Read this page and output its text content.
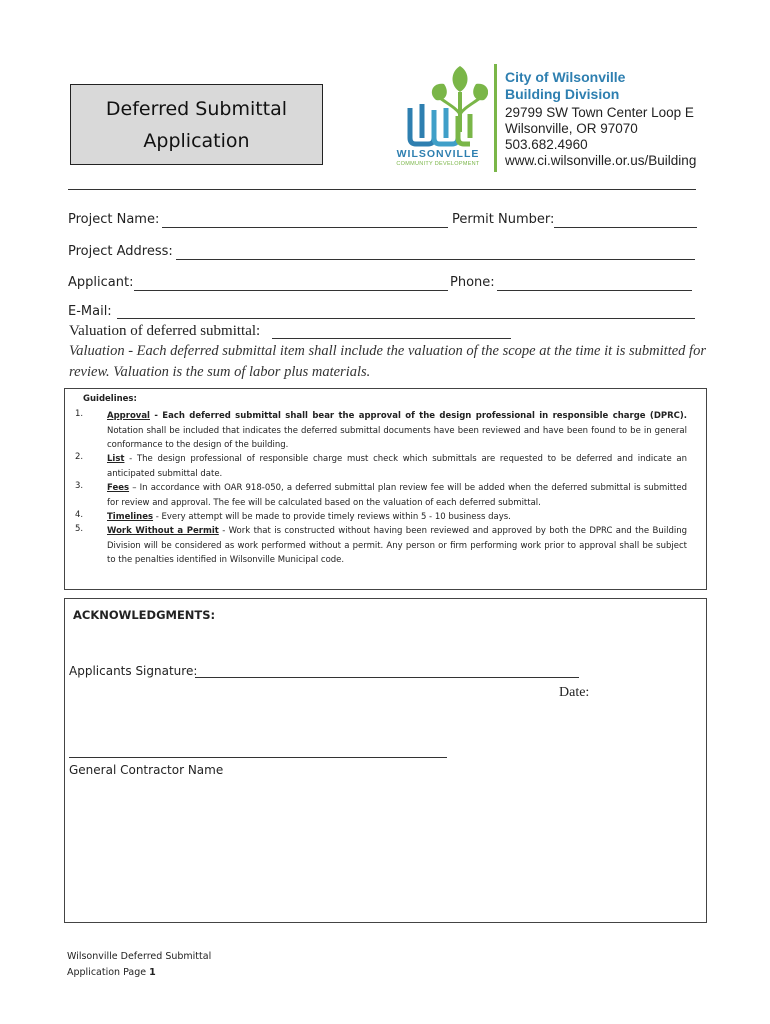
Deferred Submittal
Application
WILSONVILLE
COMMUNITY DEVELOPMENT
City of Wilsonville
Building Division
29799 SW Town Center Loop E
Wilsonville, OR 97070
503.682.4960
www.ci.wilsonville.or.us/Building
Project Name:	Permit Number:
Project Address:
Applicant:	Phone:
E-Mail:
Valuation of deferred submittal:
Valuation - Each deferred submittal item shall include the valuation of the scope at the time it is submitted for review. Valuation is the sum of labor plus materials.
Guidelines:
1.	Approval - Each deferred submittal shall bear the approval of the design professional in responsible charge (DPRC). Notation shall be included that indicates the deferred submittal documents have been reviewed and have been found to be in general conformance to the design of the building.
2.	List - The design professional of responsible charge must check which submittals are requested to be deferred and indicate an anticipated submittal date.
3.	Fees – In accordance with OAR 918-050, a deferred submittal plan review fee will be added when the deferred submittal is submitted for review and approval. The fee will be calculated based on the valuation of each deferred submittal.
4.	Timelines - Every attempt will be made to provide timely reviews within 5 - 10 business days.
5.	Work Without a Permit - Work that is constructed without having been reviewed and approved by both the DPRC and the Building Division will be considered as work performed without a permit. Any person or firm performing work prior to approval shall be subject to the penalties identified in Wilsonville Municipal code.
ACKNOWLEDGMENTS:
Applicants Signature:
Date:
General Contractor Name
Wilsonville Deferred Submittal
Application Page 1
